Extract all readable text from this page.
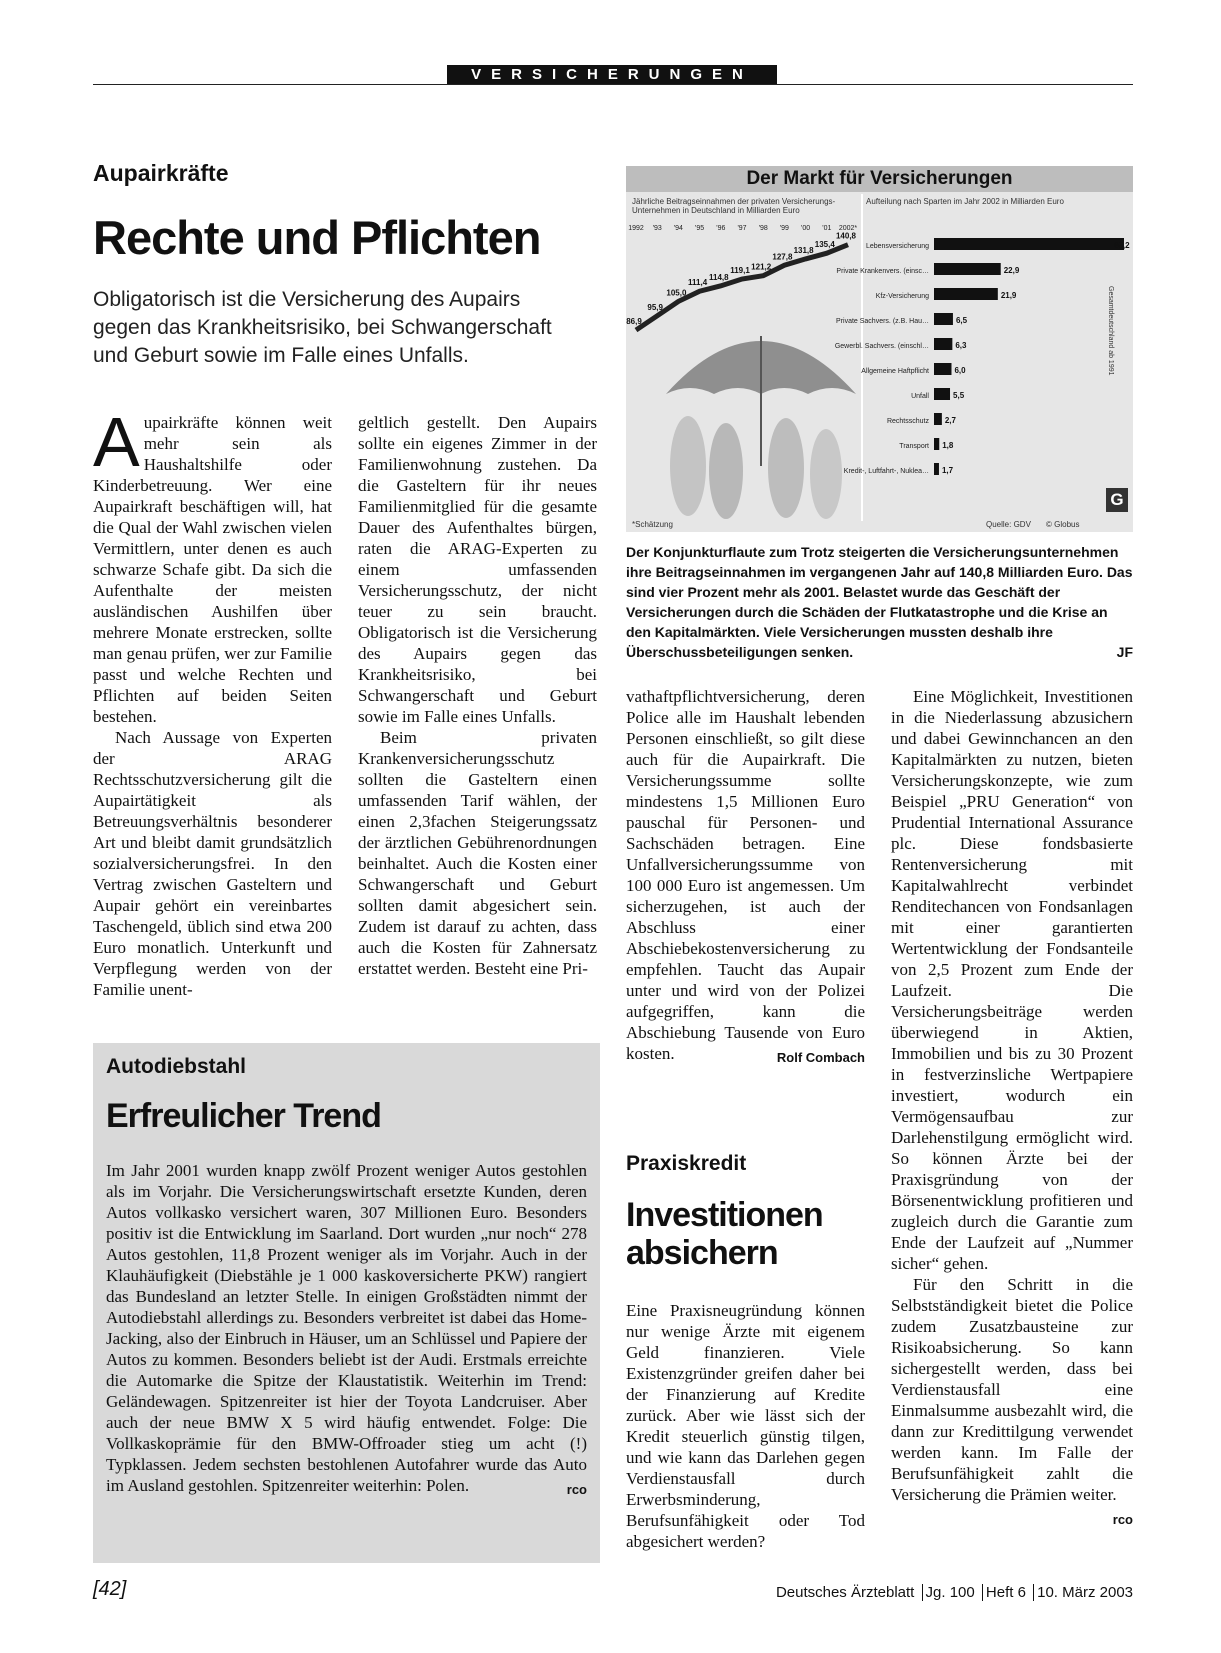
VERSICHERUNGEN
Aupairkräfte
Rechte und Pflichten
Obligatorisch ist die Versicherung des Aupairs gegen das Krankheitsrisiko, bei Schwangerschaft und Geburt sowie im Falle eines Unfalls.

Aupairkräfte können weit mehr sein als Haushaltshilfe oder Kinderbetreuung. Wer eine Aupairkraft beschäftigen will, hat die Qual der Wahl zwischen vielen Vermittlern, unter denen es auch schwarze Schafe gibt. Da sich die Aufenthalte der meisten ausländischen Aushilfen über mehrere Monate erstrecken, sollte man genau prüfen, wer zur Familie passt und welche Rechten und Pflichten auf beiden Seiten bestehen.

Nach Aussage von Experten der ARAG Rechtsschutzversicherung gilt die Aupairtätigkeit als Betreuungsverhältnis besonderer Art und bleibt damit grundsätzlich sozialversicherungsfrei. In den Vertrag zwischen Gasteltern und Aupair gehört ein vereinbartes Taschengeld, üblich sind etwa 200 Euro monatlich. Unterkunft und Verpflegung werden von der Familie unent-

geltlich gestellt. Den Aupairs sollte ein eigenes Zimmer in der Familienwohnung zustehen. Da die Gasteltern für ihr neues Familienmitglied für die gesamte Dauer des Aufenthaltes bürgen, raten die ARAG-Experten zu einem umfassenden Versicherungsschutz, der nicht teuer zu sein braucht. Obligatorisch ist die Versicherung des Aupairs gegen das Krankheitsrisiko, bei Schwangerschaft und Geburt sowie im Falle eines Unfalls.

Beim privaten Krankenversicherungsschutz sollten die Gasteltern einen umfassenden Tarif wählen, der einen 2,3fachen Steigerungssatz der ärztlichen Gebührenordnungen beinhaltet. Auch die Kosten einer Schwangerschaft und Geburt sollten damit abgesichert sein. Zudem ist darauf zu achten, dass auch die Kosten für Zahnersatz erstattet werden. Besteht eine Pri-

vathaftpflichtversicherung, deren Police alle im Haushalt lebenden Personen einschließt, so gilt diese auch für die Aupairkraft. Die Versicherungssumme sollte mindestens 1,5 Millionen Euro pauschal für Personen- und Sachschäden betragen. Eine Unfallversicherungssumme von 100 000 Euro ist angemessen. Um sicherzugehen, ist auch der Abschluss einer Abschiebekostenversicherung zu empfehlen. Taucht das Aupair unter und wird von der Polizei aufgegriffen, kann die Abschiebung Tausende von Euro kosten.	Rolf Combach

Der Markt für Versicherungen
Jährliche Beitragseinnahmen der privaten Versicherungs-Unternehmen in Deutschland in Milliarden Euro
Aufteilung nach Sparten im Jahr 2002 in Milliarden Euro
1992 '93 '94 '95 '96 '97 '98 '99 '00 '01 2002*
86,9
95,9
105,0
111,4
114,8
119,1 121,2
127,8
131,8
135,4
140,8
Lebensversicherung	65,2
Private Krankenvers. (einsc…	22,9
Kfz-Versicherung	21,9
Private Sachvers. (z.B. Hau…	6,5
Gewerbl. Sachvers. (einschl…	6,3
Allgemeine Haftpflicht	6,0
Unfall	5,5
Rechtsschutz 2,7
Transport 1,8
Kredit-, Luftfahrt-, Nuklea… 1,7
*Schätzung	Quelle: GDV © Globus
Gesamtdeutschland ab 1991
G
Der Konjunkturflaute zum Trotz steigerten die Versicherungsunternehmen ihre Beitragseinnahmen im vergangenen Jahr auf 140,8 Milliarden Euro. Das sind vier Prozent mehr als 2001. Belastet wurde das Geschäft der Versicherungen durch die Schäden der Flutkatastrophe und die Krise an den Kapitalmärkten. Viele Versicherungen mussten deshalb ihre Überschussbeteiligungen senken.	JF
Autodiebstahl
Erfreulicher Trend

Im Jahr 2001 wurden knapp zwölf Prozent weniger Autos gestohlen als im Vorjahr. Die Versicherungswirtschaft ersetzte Kunden, deren Autos vollkasko versichert waren, 307 Millionen Euro. Besonders positiv ist die Entwicklung im Saarland. Dort wurden „nur noch“ 278 Autos gestohlen, 11,8 Prozent weniger als im Vorjahr. Auch in der Klauhäufigkeit (Diebstähle je 1 000 kaskoversicherte PKW) rangiert das Bundesland an letzter Stelle. In einigen Großstädten nimmt der Autodiebstahl allerdings zu. Besonders verbreitet ist dabei das Home-Jacking, also der Einbruch in Häuser, um an Schlüssel und Papiere der Autos zu kommen. Besonders beliebt ist der Audi. Erstmals erreichte die Automarke die Spitze der Klaustatistik. Weiterhin im Trend: Geländewagen. Spitzenreiter ist hier der Toyota Landcruiser. Aber auch der neue BMW X 5 wird häufig entwendet. Folge: Die Vollkaskoprämie für den BMW-Offroader stieg um acht (!) Typklassen. Jedem sechsten bestohlenen Autofahrer wurde das Auto im Ausland gestohlen. Spitzenreiter weiterhin: Polen.	rco

Praxiskredit
Investitionen
absichern

Eine Praxisneugründung können nur wenige Ärzte mit eigenem Geld finanzieren. Viele Existenzgründer greifen daher bei der Finanzierung auf Kredite zurück. Aber wie lässt sich der Kredit steuerlich günstig tilgen, und wie kann das Darlehen gegen Verdienstausfall durch Erwerbsminderung, Berufsunfähigkeit oder Tod abgesichert werden?

Eine Möglichkeit, Investitionen in die Niederlassung abzusichern und dabei Gewinnchancen an den Kapitalmärkten zu nutzen, bieten Versicherungskonzepte, wie zum Beispiel „PRU Generation“ von Prudential International Assurance plc. Diese fondsbasierte Rentenversicherung mit Kapitalwahlrecht verbindet Renditechancen von Fondsanlagen mit einer garantierten Wertentwicklung der Fondsanteile von 2,5 Prozent zum Ende der Laufzeit. Die Versicherungsbeiträge werden überwiegend in Aktien, Immobilien und bis zu 30 Prozent in festverzinsliche Wertpapiere investiert, wodurch ein Vermögensaufbau zur Darlehenstilgung ermöglicht wird. So können Ärzte bei der Praxisgründung von der Börsenentwicklung profitieren und zugleich durch die Garantie zum Ende der Laufzeit auf „Nummer sicher“ gehen.

Für den Schritt in die Selbstständigkeit bietet die Police zudem Zusatzbausteine zur Risikoabsicherung. So kann sichergestellt werden, dass bei Verdienstausfall eine Einmalsumme ausbezahlt wird, die dann zur Kredittilgung verwendet werden kann. Im Falle der Berufsunfähigkeit zahlt die Versicherung die Prämien weiter.
rco

[42]	Deutsches Ärzteblatt Jg. 100 Heft 6 10. März 2003
